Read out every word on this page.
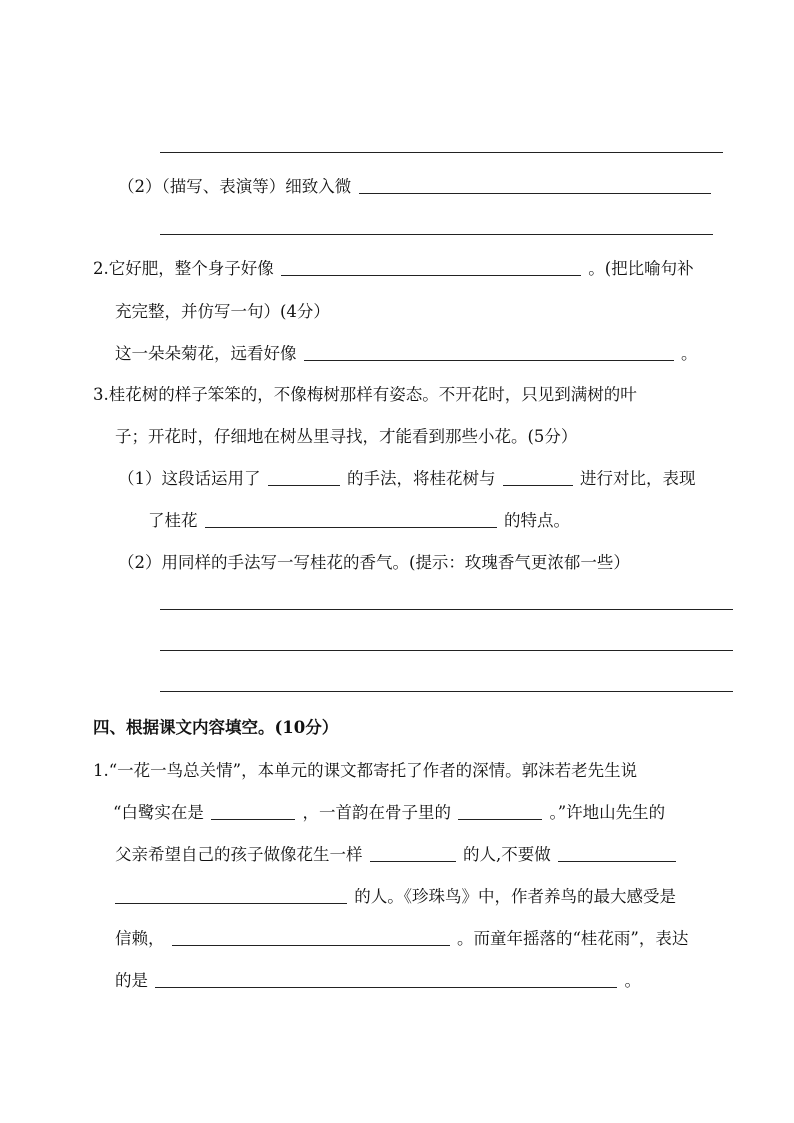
（2）（描写、表演等）细致入微
2.它好肥，整个身子好像	。(把比喻句补
充完整，并仿写一句）(4分）
这一朵朵菊花，远看好像	。
3.桂花树的样子笨笨的，不像梅树那样有姿态。不开花时，只见到满树的叶
子；开花时，仔细地在树丛里寻找，才能看到那些小花。(5分）
（1）这段话运用了	的手法，将桂花树与	进行对比，表现
了桂花	的特点。
（2）用同样的手法写一写桂花的香气。(提示：玫瑰香气更浓郁一些）
四、根据课文内容填空。(10分）
1.“一花一鸟总关情”，本单元的课文都寄托了作者的深情。郭沫若老先生说
“白鹭实在是	，一首韵在骨子里的	。”许地山先生的
父亲希望自己的孩子做像花生一样	的人,不要做
的人。《珍珠鸟》中，作者养鸟的最大感受是
信赖，	。而童年摇落的“桂花雨”，表达
的是	。
